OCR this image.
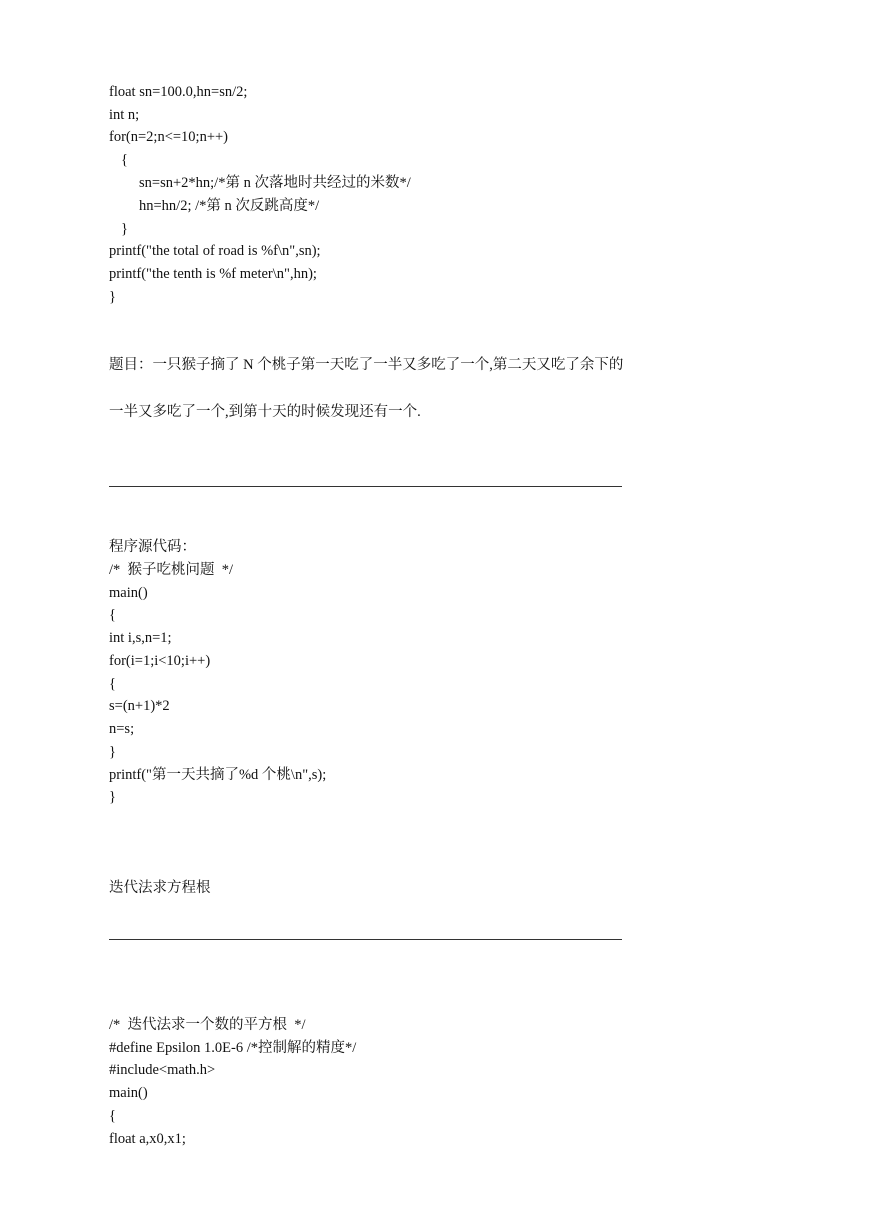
float sn=100.0,hn=sn/2;
int n;
for(n=2;n<=10;n++)
{
sn=sn+2*hn;/*第 n 次落地时共经过的米数*/
hn=hn/2; /*第 n 次反跳高度*/
}
printf("the total of road is %f\n",sn);
printf("the tenth is %f meter\n",hn);
}
题目：一只猴子摘了 N 个桃子第一天吃了一半又多吃了一个,第二天又吃了余下的
一半又多吃了一个,到第十天的时候发现还有一个.
程序源代码：
/*  猴子吃桃问题  */
main()
{
int i,s,n=1;
for(i=1;i<10;i++)
{
s=(n+1)*2
n=s;
}
printf("第一天共摘了%d 个桃\n",s);
}
迭代法求方程根
/*  迭代法求一个数的平方根  */
#define Epsilon 1.0E-6 /*控制解的精度*/
#include<math.h>
main()
{
float a,x0,x1;
